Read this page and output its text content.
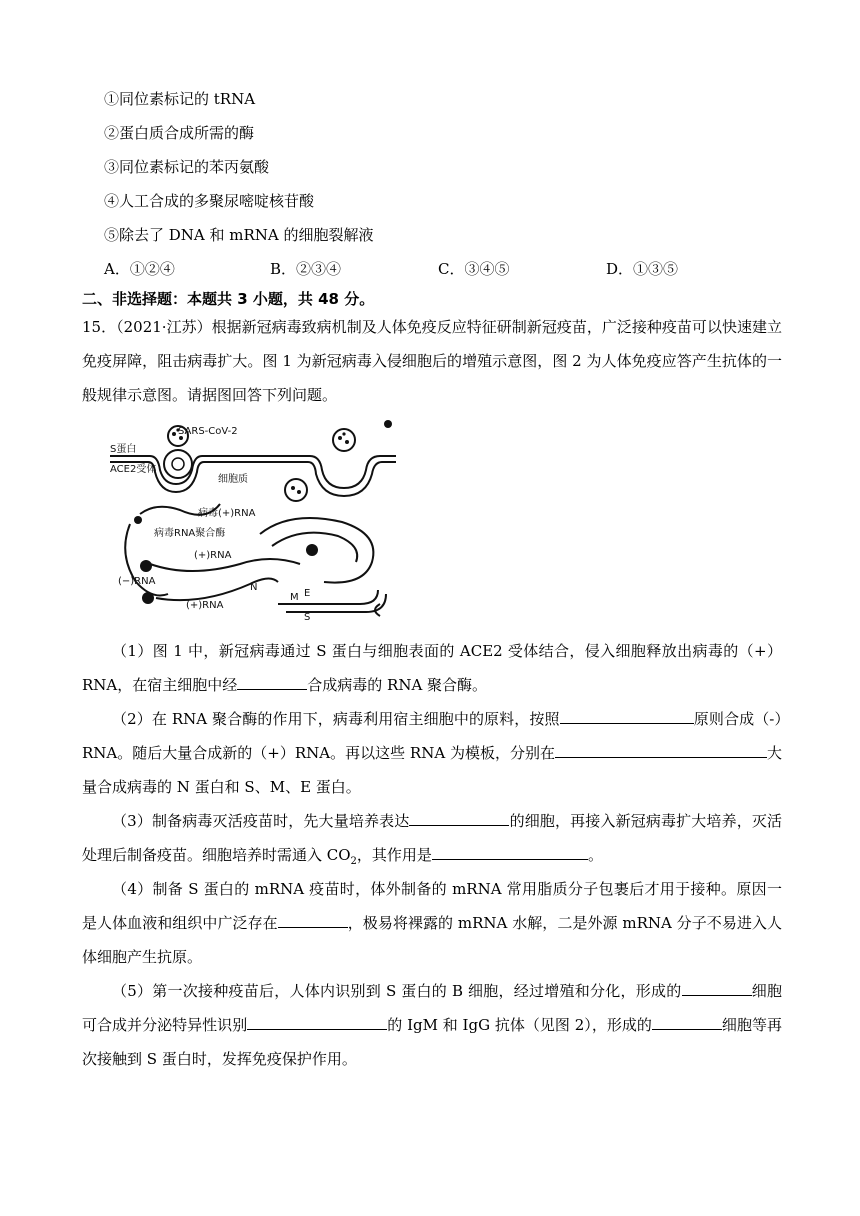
①同位素标记的 tRNA
②蛋白质合成所需的酶
③同位素标记的苯丙氨酸
④人工合成的多聚尿嘧啶核苷酸
⑤除去了 DNA 和 mRNA 的细胞裂解液
A．①②④	B．②③④	C．③④⑤	D．①③⑤
二、非选择题：本题共 3 小题，共 48 分。
15．（2021·江苏）根据新冠病毒致病机制及人体免疫反应特征研制新冠疫苗，广泛接种疫苗可以快速建立免疫屏障，阻击病毒扩大。图 1 为新冠病毒入侵细胞后的增殖示意图，图 2 为人体免疫应答产生抗体的一般规律示意图。请据图回答下列问题。
SARS-CoV-2
S蛋白
ACE2受体
细胞质
病毒(+)RNA
病毒RNA聚合酶
(+)RNA
(−)RNA
(+)RNA
N
M E
S
（1）图 1 中，新冠病毒通过 S 蛋白与细胞表面的 ACE2 受体结合，侵入细胞释放出病毒的（+）RNA，在宿主细胞中经	合成病毒的 RNA 聚合酶。
（2）在 RNA 聚合酶的作用下，病毒利用宿主细胞中的原料，按照	原则合成（-）RNA。随后大量合成新的（+）RNA。再以这些 RNA 为模板，分别在	大量合成病毒的 N 蛋白和 S、M、E 蛋白。
（3）制备病毒灭活疫苗时，先大量培养表达	的细胞，再接入新冠病毒扩大培养，灭活处理后制备疫苗。细胞培养时需通入 $CO_2$，其作用是	。
（4）制备 S 蛋白的 mRNA 疫苗时，体外制备的 mRNA 常用脂质分子包裹后才用于接种。原因一是人体血液和组织中广泛存在	，极易将裸露的 mRNA 水解，二是外源 mRNA 分子不易进入人体细胞产生抗原。
（5）第一次接种疫苗后，人体内识别到 S 蛋白的 B 细胞，经过增殖和分化，形成的	细胞可合成并分泌特异性识别	的 IgM 和 IgG 抗体（见图 2），形成的	细胞等再次接触到 S 蛋白时，发挥免疫保护作用。
